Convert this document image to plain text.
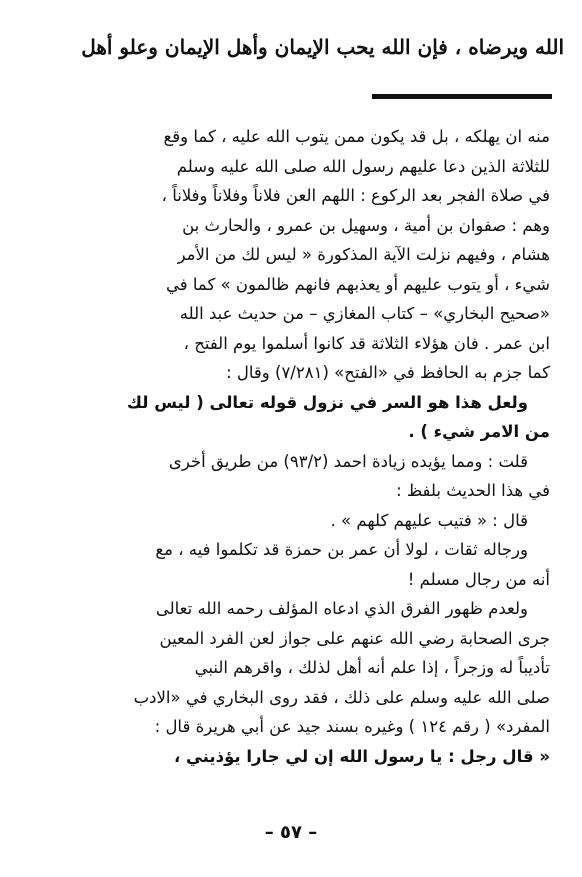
الله ويرضاه ، فإن الله يحب الإيمان وأهل الإيمان وعلو أهل
منه ان يهلكه ، بل قد يكون ممن يتوب الله عليه ، كما وقع
للثلاثة الذين دعا عليهم رسول الله صلى الله عليه وسلم
في صلاة الفجر بعد الركوع : اللهم العن فلاناً وفلاناً وفلاناً ،
وهم : صفوان بن أمية ، وسهيل بن عمرو ، والحارث بن
هشام ، وفيهم نزلت الآية المذكورة « ليس لك من الأمر
شيء ، أو يتوب عليهم أو يعذبهم فانهم ظالمون » كما في
«صحيح البخاري» – كتاب المغازي – من حديث عبد الله
ابن عمر . فان هؤلاء الثلاثة قد كانوا أسلموا يوم الفتح ،
كما جزم به الحافظ في «الفتح» (٧/٢٨١) وقال :
ولعل هذا هو السر في نزول قوله تعالى ( ليس لك
من الامر شيء ) .
قلت : ومما يؤيده زيادة احمد (٩٣/٢) من طريق أخرى
في هذا الحديث بلفظ :
قال : « فتيب عليهم كلهم » .
ورجاله ثقات ، لولا أن عمر بن حمزة قد تكلموا فيه ، مع
أنه من رجال مسلم !
ولعدم ظهور الفرق الذي ادعاه المؤلف رحمه الله تعالى
جرى الصحابة رضي الله عنهم على جواز لعن الفرد المعين
تأديباً له وزجراً ، إذا علم أنه أهل لذلك ، واقرهم النبي
صلى الله عليه وسلم على ذلك ، فقد روى البخاري في «الادب
المفرد» ( رقم ١٢٤ ) وغيره بسند جيد عن أبي هريرة قال :
« قال رجل : يا رسول الله إن لي جارا يؤذيني ،
– ٥٧ –
